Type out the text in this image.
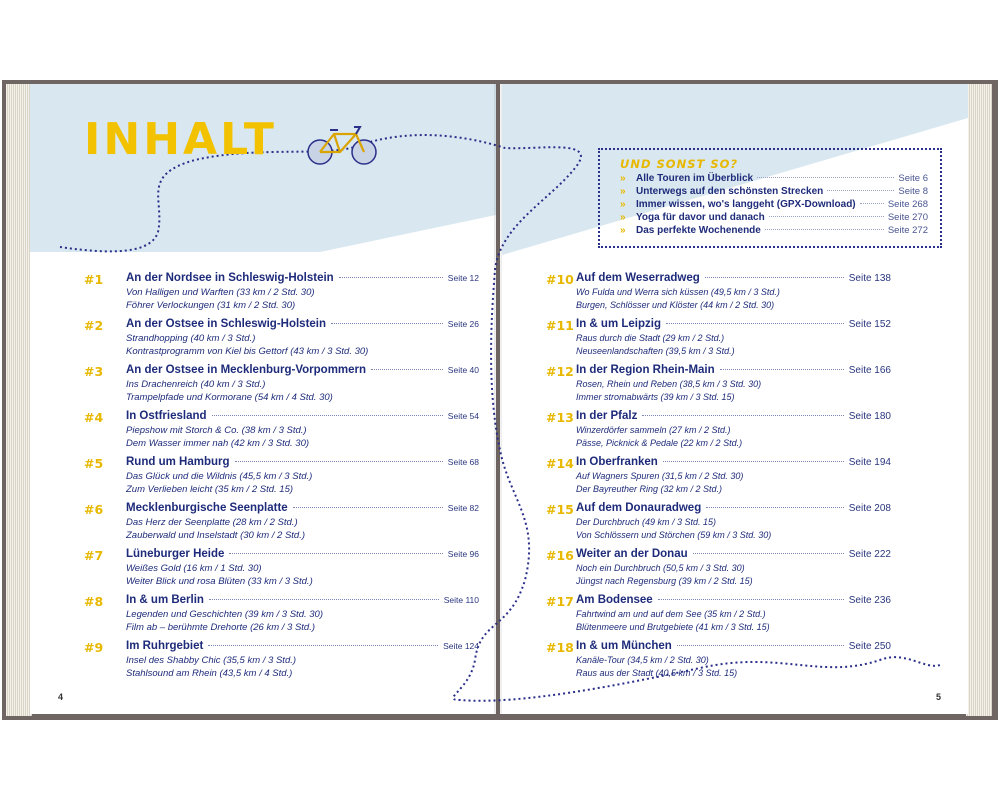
INHALT	UND SONST SO?
»	Alle Touren im Überblick	Seite 6
»	Unterwegs auf den schönsten Strecken	Seite 8
»	Immer wissen, wo's langgeht (GPX-Download)	Seite 268
»	Yoga für davor und danach	Seite 270
»	Das perfekte Wochenende	Seite 272
#1 An der Nordsee in Schleswig-Holstein	Seite 12
Von Halligen und Warften (33 km / 2 Std. 30)
Föhrer Verlockungen (31 km / 2 Std. 30)
#2 An der Ostsee in Schleswig-Holstein	Seite 26
Strandhopping (40 km / 3 Std.)
Kontrastprogramm von Kiel bis Gettorf (43 km / 3 Std. 30)
#3 An der Ostsee in Mecklenburg-Vorpommern	Seite 40
Ins Drachenreich (40 km / 3 Std.)
Trampelpfade und Kormorane (54 km / 4 Std. 30)
#4 In Ostfriesland	Seite 54
Piepshow mit Storch & Co. (38 km / 3 Std.)
Dem Wasser immer nah (42 km / 3 Std. 30)
#5 Rund um Hamburg	Seite 68
Das Glück und die Wildnis (45,5 km / 3 Std.)
Zum Verlieben leicht (35 km / 2 Std. 15)
#6 Mecklenburgische Seenplatte	Seite 82
Das Herz der Seenplatte (28 km / 2 Std.)
Zauberwald und Inselstadt (30 km / 2 Std.)
#7 Lüneburger Heide	Seite 96
Weißes Gold (16 km / 1 Std. 30)
Weiter Blick und rosa Blüten (33 km / 3 Std.)
#8 In & um Berlin	Seite 110
Legenden und Geschichten (39 km / 3 Std. 30)
Film ab – berühmte Drehorte (26 km / 3 Std.)
#9 Im Ruhrgebiet	Seite 124
Insel des Shabby Chic (35,5 km / 3 Std.)
Stahlsound am Rhein (43,5 km / 4 Std.)
#10 Auf dem Weserradweg	Seite 138
Wo Fulda und Werra sich küssen (49,5 km / 3 Std.)
Burgen, Schlösser und Klöster (44 km / 2 Std. 30)
#11 In & um Leipzig	Seite 152
Raus durch die Stadt (29 km / 2 Std.)
Neuseenlandschaften (39,5 km / 3 Std.)
#12 In der Region Rhein-Main	Seite 166
Rosen, Rhein und Reben (38,5 km / 3 Std. 30)
Immer stromabwärts (39 km / 3 Std. 15)
#13 In der Pfalz	Seite 180
Winzerdörfer sammeln (27 km / 2 Std.)
Pässe, Picknick & Pedale (22 km / 2 Std.)
#14 In Oberfranken	Seite 194
Auf Wagners Spuren (31,5 km / 2 Std. 30)
Der Bayreuther Ring (32 km / 2 Std.)
#15 Auf dem Donauradweg	Seite 208
Der Durchbruch (49 km / 3 Std. 15)
Von Schlössern und Störchen (59 km / 3 Std. 30)
#16 Weiter an der Donau	Seite 222
Noch ein Durchbruch (50,5 km / 3 Std. 30)
Jüngst nach Regensburg (39 km / 2 Std. 15)
#17 Am Bodensee	Seite 236
Fahrtwind am und auf dem See (35 km / 2 Std.)
Blütenmeere und Brutgebiete (41 km / 3 Std. 15)
#18 In & um München	Seite 250
Kanäle-Tour (34,5 km / 2 Std. 30)
Raus aus der Stadt (40,5 km / 3 Std. 15)
4	5
